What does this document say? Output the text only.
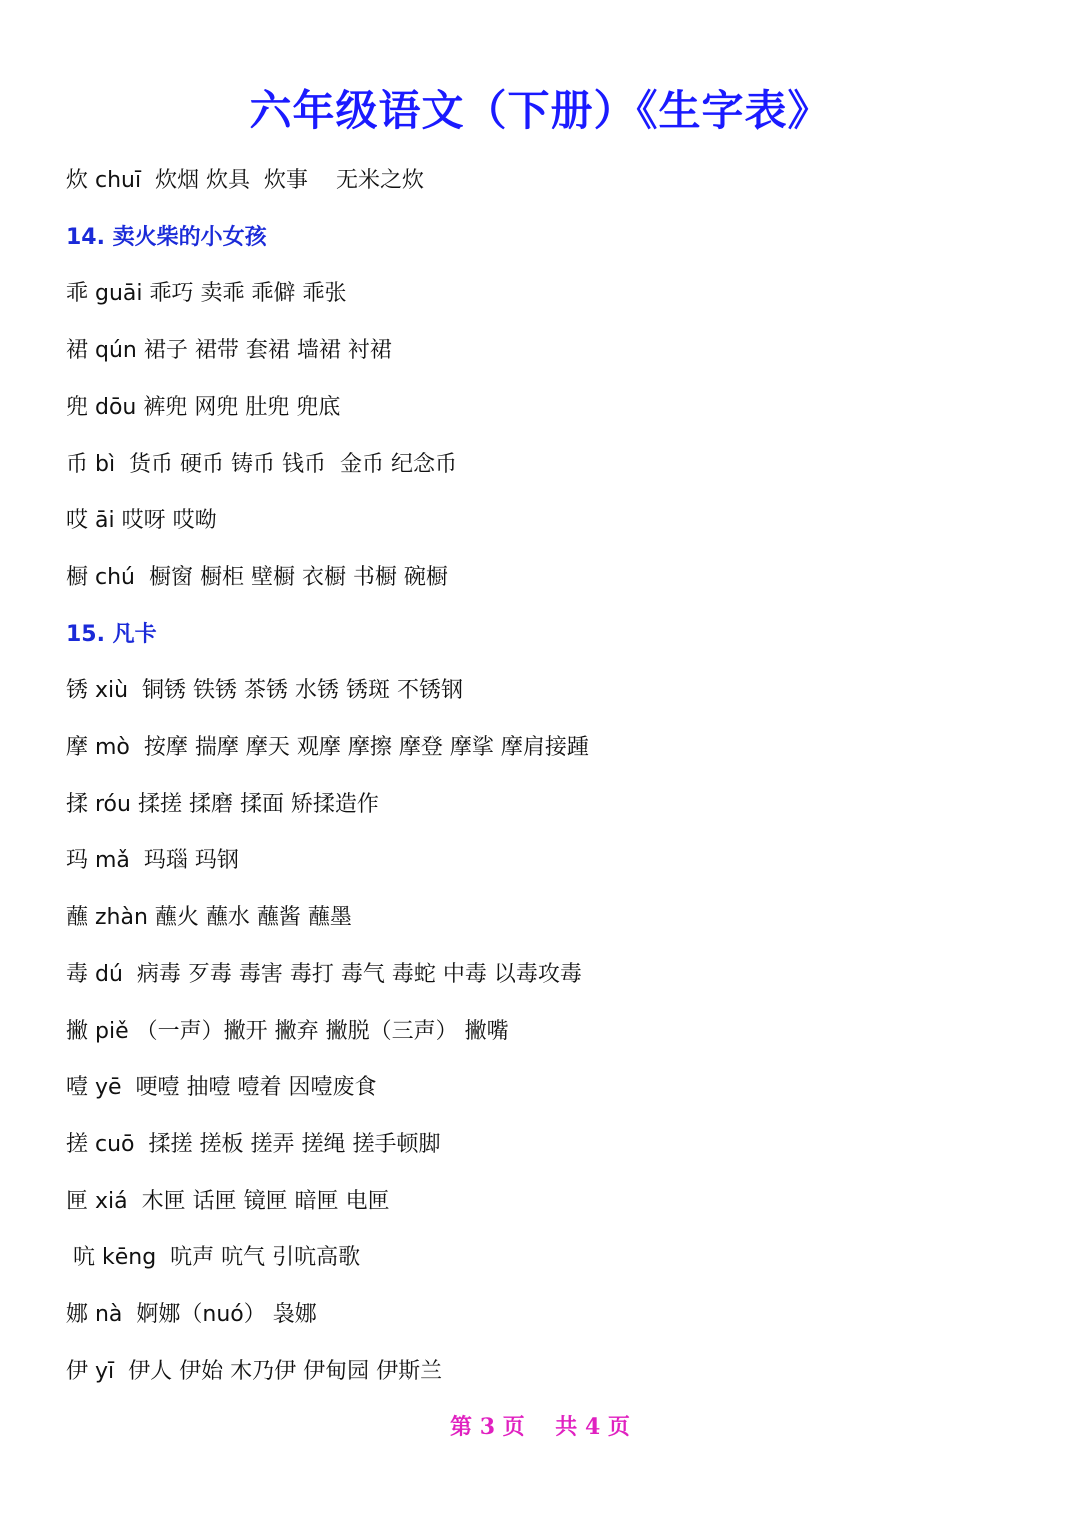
六年级语文（下册）《生字表》
炊 chuī  炊烟 炊具  炊事    无米之炊
14. 卖火柴的小女孩
乖 guāi 乖巧 卖乖 乖僻 乖张
裙 qún 裙子 裙带 套裙 墙裙 衬裙
兜 dōu 裤兜 网兜 肚兜 兜底
币 bì  货币 硬币 铸币 钱币  金币 纪念币
哎 āi 哎呀 哎呦
橱 chú  橱窗 橱柜 壁橱 衣橱 书橱 碗橱
15. 凡卡
锈 xiù  铜锈 铁锈 茶锈 水锈 锈斑 不锈钢
摩 mò  按摩 揣摩 摩天 观摩 摩擦 摩登 摩挲 摩肩接踵
揉 róu 揉搓 揉磨 揉面 矫揉造作
玛 mǎ  玛瑙 玛钢
蘸 zhàn 蘸火 蘸水 蘸酱 蘸墨
毒 dú  病毒 歹毒 毒害 毒打 毒气 毒蛇 中毒 以毒攻毒
撇 piě （一声）撇开 撇弃 撇脱（三声） 撇嘴
噎 yē  哽噎 抽噎 噎着 因噎废食
搓 cuō  揉搓 搓板 搓弄 搓绳 搓手顿脚
匣 xiá  木匣 话匣 镜匣 暗匣 电匣
吭 kēng  吭声 吭气 引吭高歌
娜 nà  婀娜（nuó） 袅娜
伊 yī  伊人 伊始 木乃伊 伊甸园 伊斯兰
第 3 页    共 4 页
